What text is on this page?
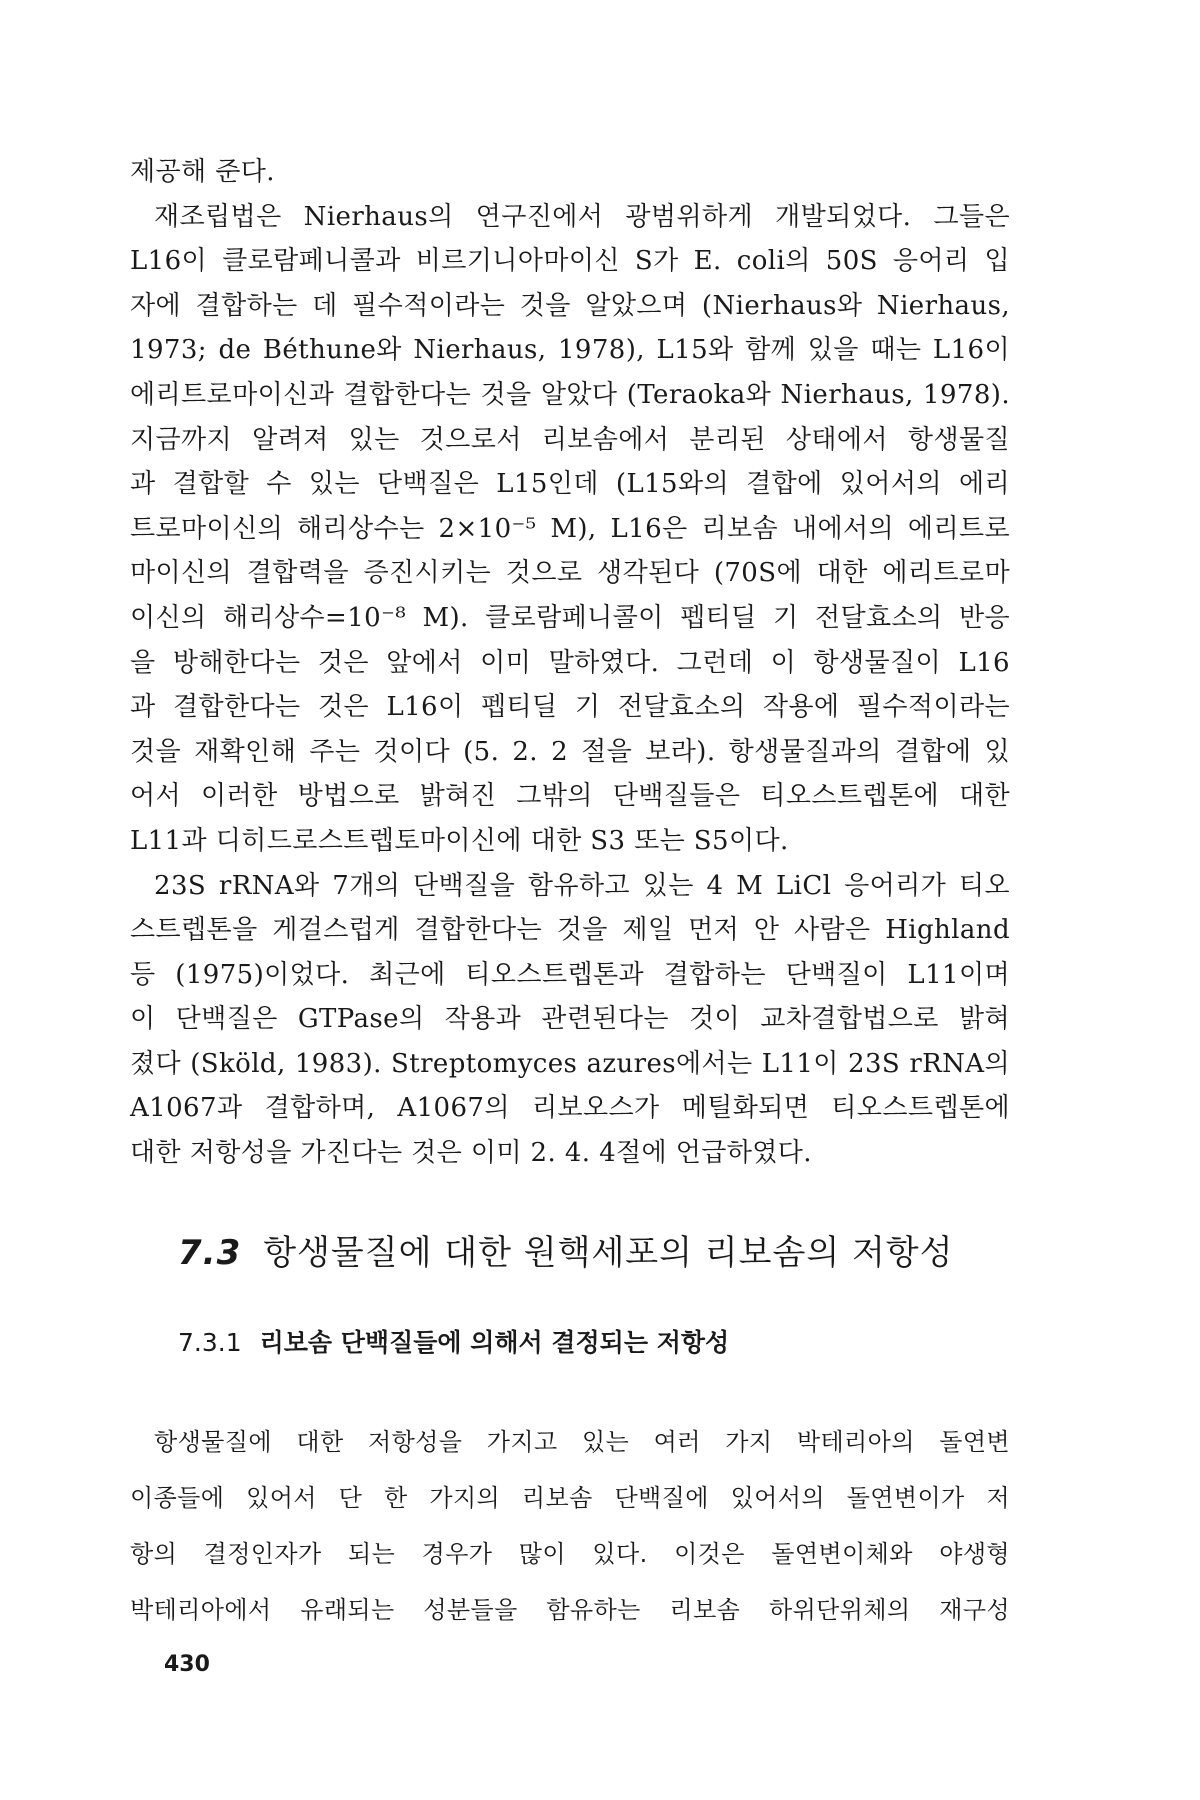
제공해 준다.
재조립법은 Nierhaus의 연구진에서 광범위하게 개발되었다. 그들은
L16이 클로람페니콜과 비르기니아마이신 S가 E. coli의 50S 응어리 입
자에 결합하는 데 필수적이라는 것을 알았으며 (Nierhaus와 Nierhaus,
1973; de Béthune와 Nierhaus, 1978), L15와 함께 있을 때는 L16이
에리트로마이신과 결합한다는 것을 알았다 (Teraoka와 Nierhaus, 1978).
지금까지 알려져 있는 것으로서 리보솜에서 분리된 상태에서 항생물질
과 결합할 수 있는 단백질은 L15인데 (L15와의 결합에 있어서의 에리
트로마이신의 해리상수는 2×10⁻⁵ M), L16은 리보솜 내에서의 에리트로
마이신의 결합력을 증진시키는 것으로 생각된다 (70S에 대한 에리트로마
이신의 해리상수=10⁻⁸ M). 클로람페니콜이 펩티딜 기 전달효소의 반응
을 방해한다는 것은 앞에서 이미 말하였다. 그런데 이 항생물질이 L16
과 결합한다는 것은 L16이 펩티딜 기 전달효소의 작용에 필수적이라는
것을 재확인해 주는 것이다 (5. 2. 2 절을 보라). 항생물질과의 결합에 있
어서 이러한 방법으로 밝혀진 그밖의 단백질들은 티오스트렙톤에 대한
L11과 디히드로스트렙토마이신에 대한 S3 또는 S5이다.
23S rRNA와 7개의 단백질을 함유하고 있는 4 M LiCl 응어리가 티오
스트렙톤을 게걸스럽게 결합한다는 것을 제일 먼저 안 사람은 Highland
등 (1975)이었다. 최근에 티오스트렙톤과 결합하는 단백질이 L11이며
이 단백질은 GTPase의 작용과 관련된다는 것이 교차결합법으로 밝혀
졌다 (Sköld, 1983). Streptomyces azures에서는 L11이 23S rRNA의
A1067과 결합하며, A1067의 리보오스가 메틸화되면 티오스트렙톤에
대한 저항성을 가진다는 것은 이미 2. 4. 4절에 언급하였다.
7.3 항생물질에 대한 원핵세포의 리보솜의 저항성
7.3.1 리보솜 단백질들에 의해서 결정되는 저항성
항생물질에 대한 저항성을 가지고 있는 여러 가지 박테리아의 돌연변
이종들에 있어서 단 한 가지의 리보솜 단백질에 있어서의 돌연변이가 저
항의 결정인자가 되는 경우가 많이 있다. 이것은 돌연변이체와 야생형
박테리아에서 유래되는 성분들을 함유하는 리보솜 하위단위체의 재구성
430
